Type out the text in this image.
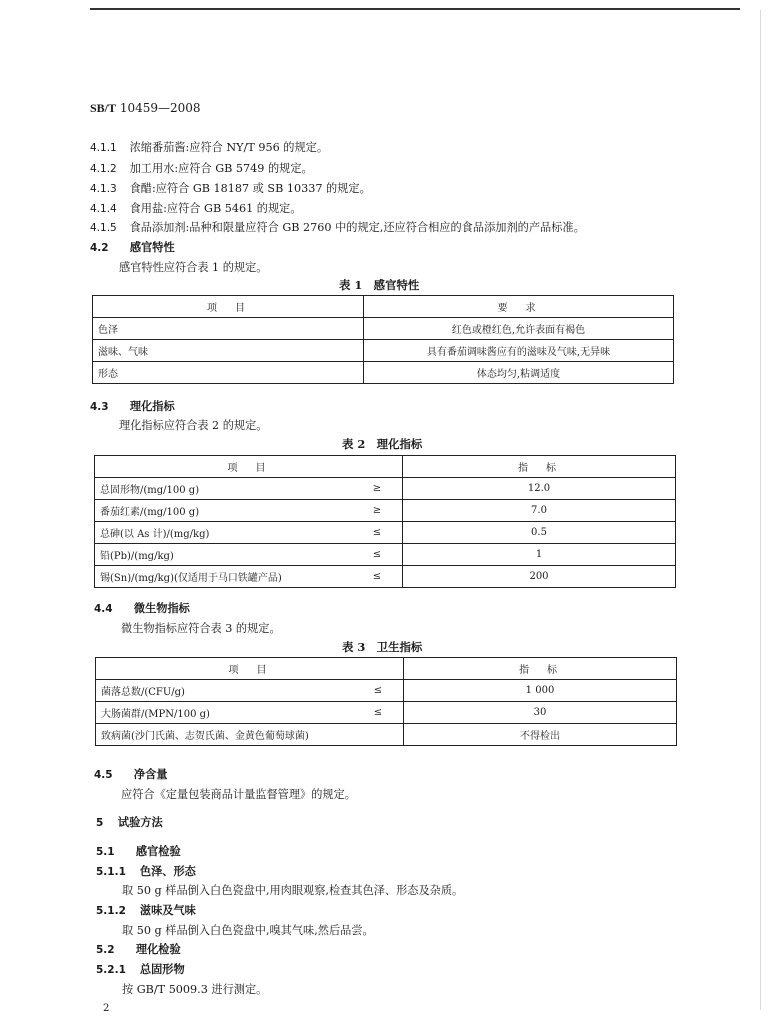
SB/T 10459—2008
4.1.1 浓缩番茄酱:应符合 NY/T 956 的规定。
4.1.2 加工用水:应符合 GB 5749 的规定。
4.1.3 食醋:应符合 GB 18187 或 SB 10337 的规定。
4.1.4 食用盐:应符合 GB 5461 的规定。
4.1.5 食品添加剂:品种和限量应符合 GB 2760 中的规定,还应符合相应的食品添加剂的产品标准。
4.2 感官特性
感官特性应符合表 1 的规定。
表 1　感官特性
项　目	要　求
色泽	红色或橙红色,允许表面有褐色
滋味、气味	具有番茄调味酱应有的滋味及气味,无异味
形态	体态均匀,粘调适度
4.3 理化指标
理化指标应符合表 2 的规定。
表 2　理化指标
项　目		指　标
总固形物/(mg/100 g)	≥	12.0
番茄红素/(mg/100 g)	≥	7.0
总砷(以 As 计)/(mg/kg)	≤	0.5
铅(Pb)/(mg/kg)	≤	1
锡(Sn)/(mg/kg)(仅适用于马口铁罐产品)	≤	200
4.4 微生物指标
微生物指标应符合表 3 的规定。
表 3　卫生指标
项　目		指　标
菌落总数/(CFU/g)	≤	1 000
大肠菌群/(MPN/100 g)	≤	30
致病菌(沙门氏菌、志贺氏菌、金黄色葡萄球菌)		不得检出
4.5 净含量
应符合《定量包装商品计量监督管理》的规定。
5 试验方法
5.1 感官检验
5.1.1 色泽、形态
取 50 g 样品倒入白色瓷盘中,用肉眼观察,检查其色泽、形态及杂质。
5.1.2 滋味及气味
取 50 g 样品倒入白色瓷盘中,嗅其气味,然后品尝。
5.2 理化检验
5.2.1 总固形物
按 GB/T 5009.3 进行测定。
2
